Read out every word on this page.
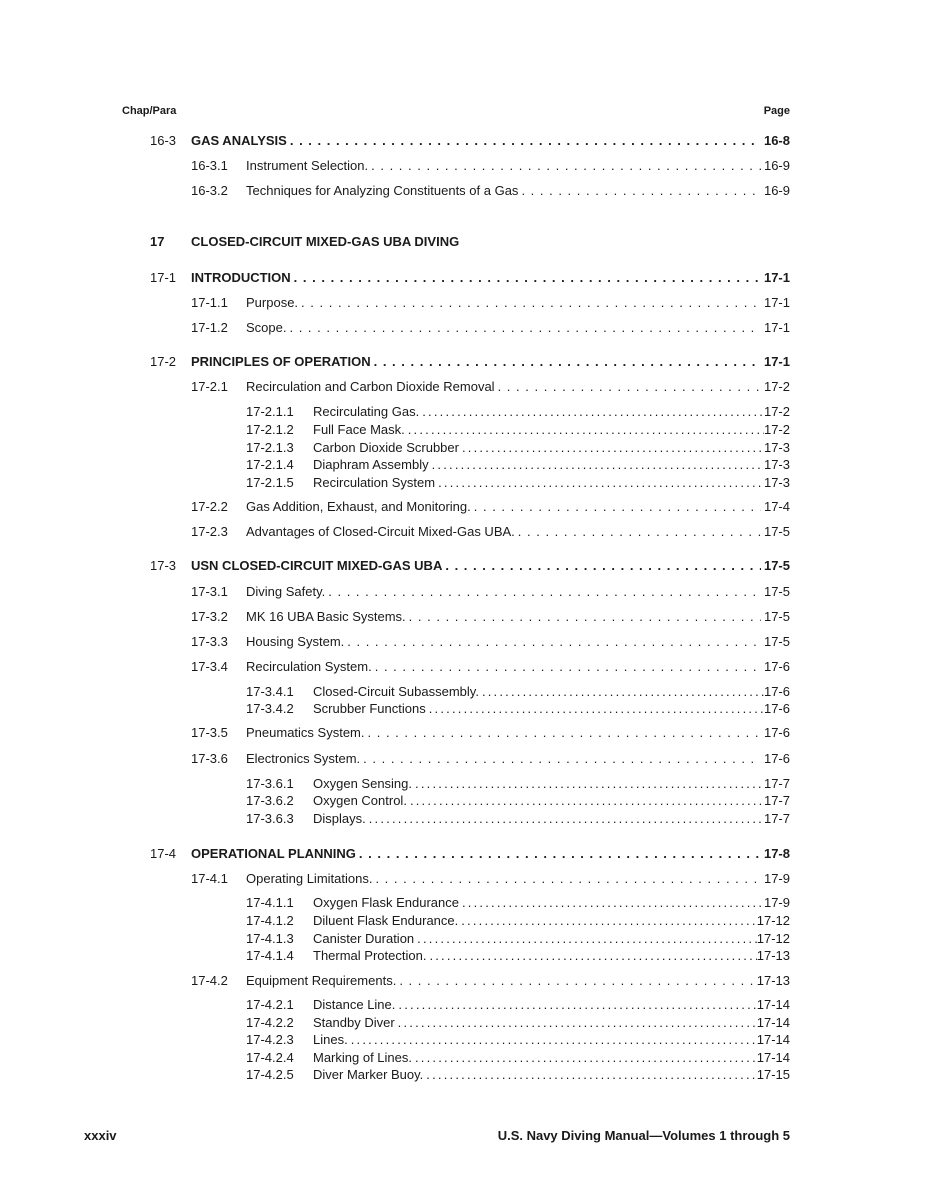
Chap/Para	Page
17 CLOSED-CIRCUIT MIXED-GAS UBA DIVING
16-3	GAS ANALYSIS . . .	16-8
16-3.1	Instrument Selection. . . .	16-9
16-3.2	Techniques for Analyzing Constituents of a Gas . . .	16-9
17-1	INTRODUCTION . . .	17-1
17-1.1	Purpose. . . .	17-1
17-1.2	Scope. . . .	17-1
17-2	PRINCIPLES OF OPERATION . . .	17-1
17-2.1	Recirculation and Carbon Dioxide Removal . . .	17-2
17-2.1.1	Recirculating Gas. .....	17-2
17-2.1.2	Full Face Mask. .....	17-2
17-2.1.3	Carbon Dioxide Scrubber .....	17-3
17-2.1.4	Diaphram Assembly .....	17-3
17-2.1.5	Recirculation System .....	17-3
17-2.2	Gas Addition, Exhaust, and Monitoring. . . .	17-4
17-2.3	Advantages of Closed-Circuit Mixed-Gas UBA. . . .	17-5
17-3	USN CLOSED-CIRCUIT MIXED-GAS UBA . . .	17-5
17-3.1	Diving Safety. . . .	17-5
17-3.2	MK 16 UBA Basic Systems. . . .	17-5
17-3.3	Housing System. . . .	17-5
17-3.4	Recirculation System. . . .	17-6
17-3.4.1	Closed-Circuit Subassembly. .....	17-6
17-3.4.2	Scrubber Functions .....	17-6
17-3.5	Pneumatics System. . . .	17-6
17-3.6	Electronics System. . . .	17-6
17-3.6.1	Oxygen Sensing. .....	17-7
17-3.6.2	Oxygen Control. .....	17-7
17-3.6.3	Displays. .....	17-7
17-4	OPERATIONAL PLANNING . . .	17-8
17-4.1	Operating Limitations. . . .	17-9
17-4.1.1	Oxygen Flask Endurance .....	17-9
17-4.1.2	Diluent Flask Endurance. .....	17-12
17-4.1.3	Canister Duration .....	17-12
17-4.1.4	Thermal Protection. .....	17-13
17-4.2	Equipment Requirements. . . .	17-13
17-4.2.1	Distance Line. .....	17-14
17-4.2.2	Standby Diver .....	17-14
17-4.2.3	Lines. .....	17-14
17-4.2.4	Marking of Lines. .....	17-14
17-4.2.5	Diver Marker Buoy. .....	17-15
xxxiv	U.S. Navy Diving Manual—Volumes 1 through 5
